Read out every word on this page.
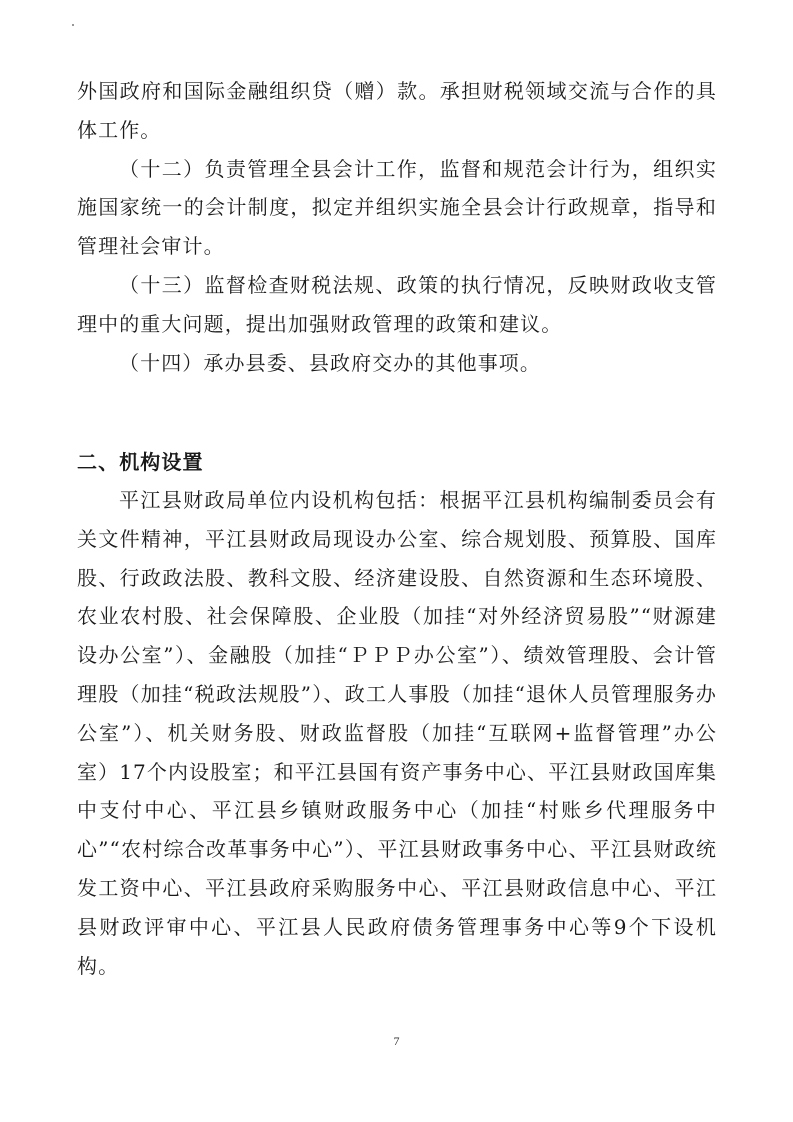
外国政府和国际金融组织贷（赠）款。承担财税领域交流与合作的具体工作。

（十二）负责管理全县会计工作，监督和规范会计行为，组织实施国家统一的会计制度，拟定并组织实施全县会计行政规章，指导和管理社会审计。

（十三）监督检查财税法规、政策的执行情况，反映财政收支管理中的重大问题，提出加强财政管理的政策和建议。

（十四）承办县委、县政府交办的其他事项。

二、机构设置

平江县财政局单位内设机构包括：根据平江县机构编制委员会有关文件精神，平江县财政局现设办公室、综合规划股、预算股、国库股、行政政法股、教科文股、经济建设股、自然资源和生态环境股、农业农村股、社会保障股、企业股（加挂“对外经济贸易股”“财源建设办公室”）、金融股（加挂“ＰＰＰ办公室”）、绩效管理股、会计管理股（加挂“税政法规股”）、政工人事股（加挂“退休人员管理服务办公室”）、机关财务股、财政监督股（加挂“互联网+监督管理”办公室）17个内设股室；和平江县国有资产事务中心、平江县财政国库集中支付中心、平江县乡镇财政服务中心（加挂“村账乡代理服务中心”“农村综合改革事务中心”）、平江县财政事务中心、平江县财政统发工资中心、平江县政府采购服务中心、平江县财政信息中心、平江县财政评审中心、平江县人民政府债务管理事务中心等9个下设机构。

7
